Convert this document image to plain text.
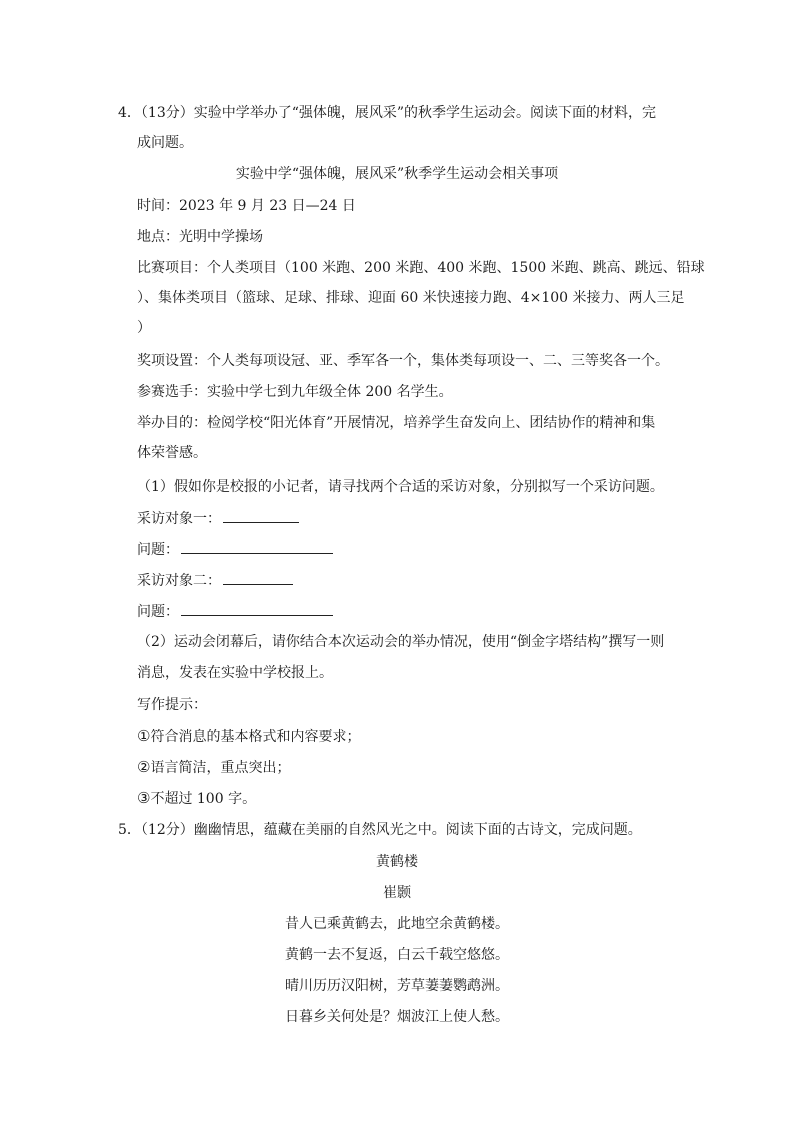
4．（13分）实验中学举办了“强体魄，展风采”的秋季学生运动会。阅读下面的材料，完
成问题。
实验中学“强体魄，展风采”秋季学生运动会相关事项
时间：2023 年 9 月 23 日—24 日
地点：光明中学操场
比赛项目：个人类项目（100 米跑、200 米跑、400 米跑、1500 米跑、跳高、跳远、铅球
）、集体类项目（篮球、足球、排球、迎面 60 米快速接力跑、4×100 米接力、两人三足
）
奖项设置：个人类每项设冠、亚、季军各一个，集体类每项设一、二、三等奖各一个。
参赛选手：实验中学七到九年级全体 200 名学生。
举办目的：检阅学校“阳光体育”开展情况，培养学生奋发向上、团结协作的精神和集
体荣誉感。
（1）假如你是校报的小记者，请寻找两个合适的采访对象，分别拟写一个采访问题。
采访对象一：
问题：
采访对象二：
问题：
（2）运动会闭幕后，请你结合本次运动会的举办情况，使用“倒金字塔结构”撰写一则
消息，发表在实验中学校报上。
写作提示：
①符合消息的基本格式和内容要求；
②语言简洁，重点突出；
③不超过 100 字。
5．（12分）幽幽情思，蕴藏在美丽的自然风光之中。阅读下面的古诗文，完成问题。
黄鹤楼
崔颢
昔人已乘黄鹤去，此地空余黄鹤楼。
黄鹤一去不复返，白云千载空悠悠。
晴川历历汉阳树，芳草萋萋鹦鹉洲。
日暮乡关何处是？烟波江上使人愁。
